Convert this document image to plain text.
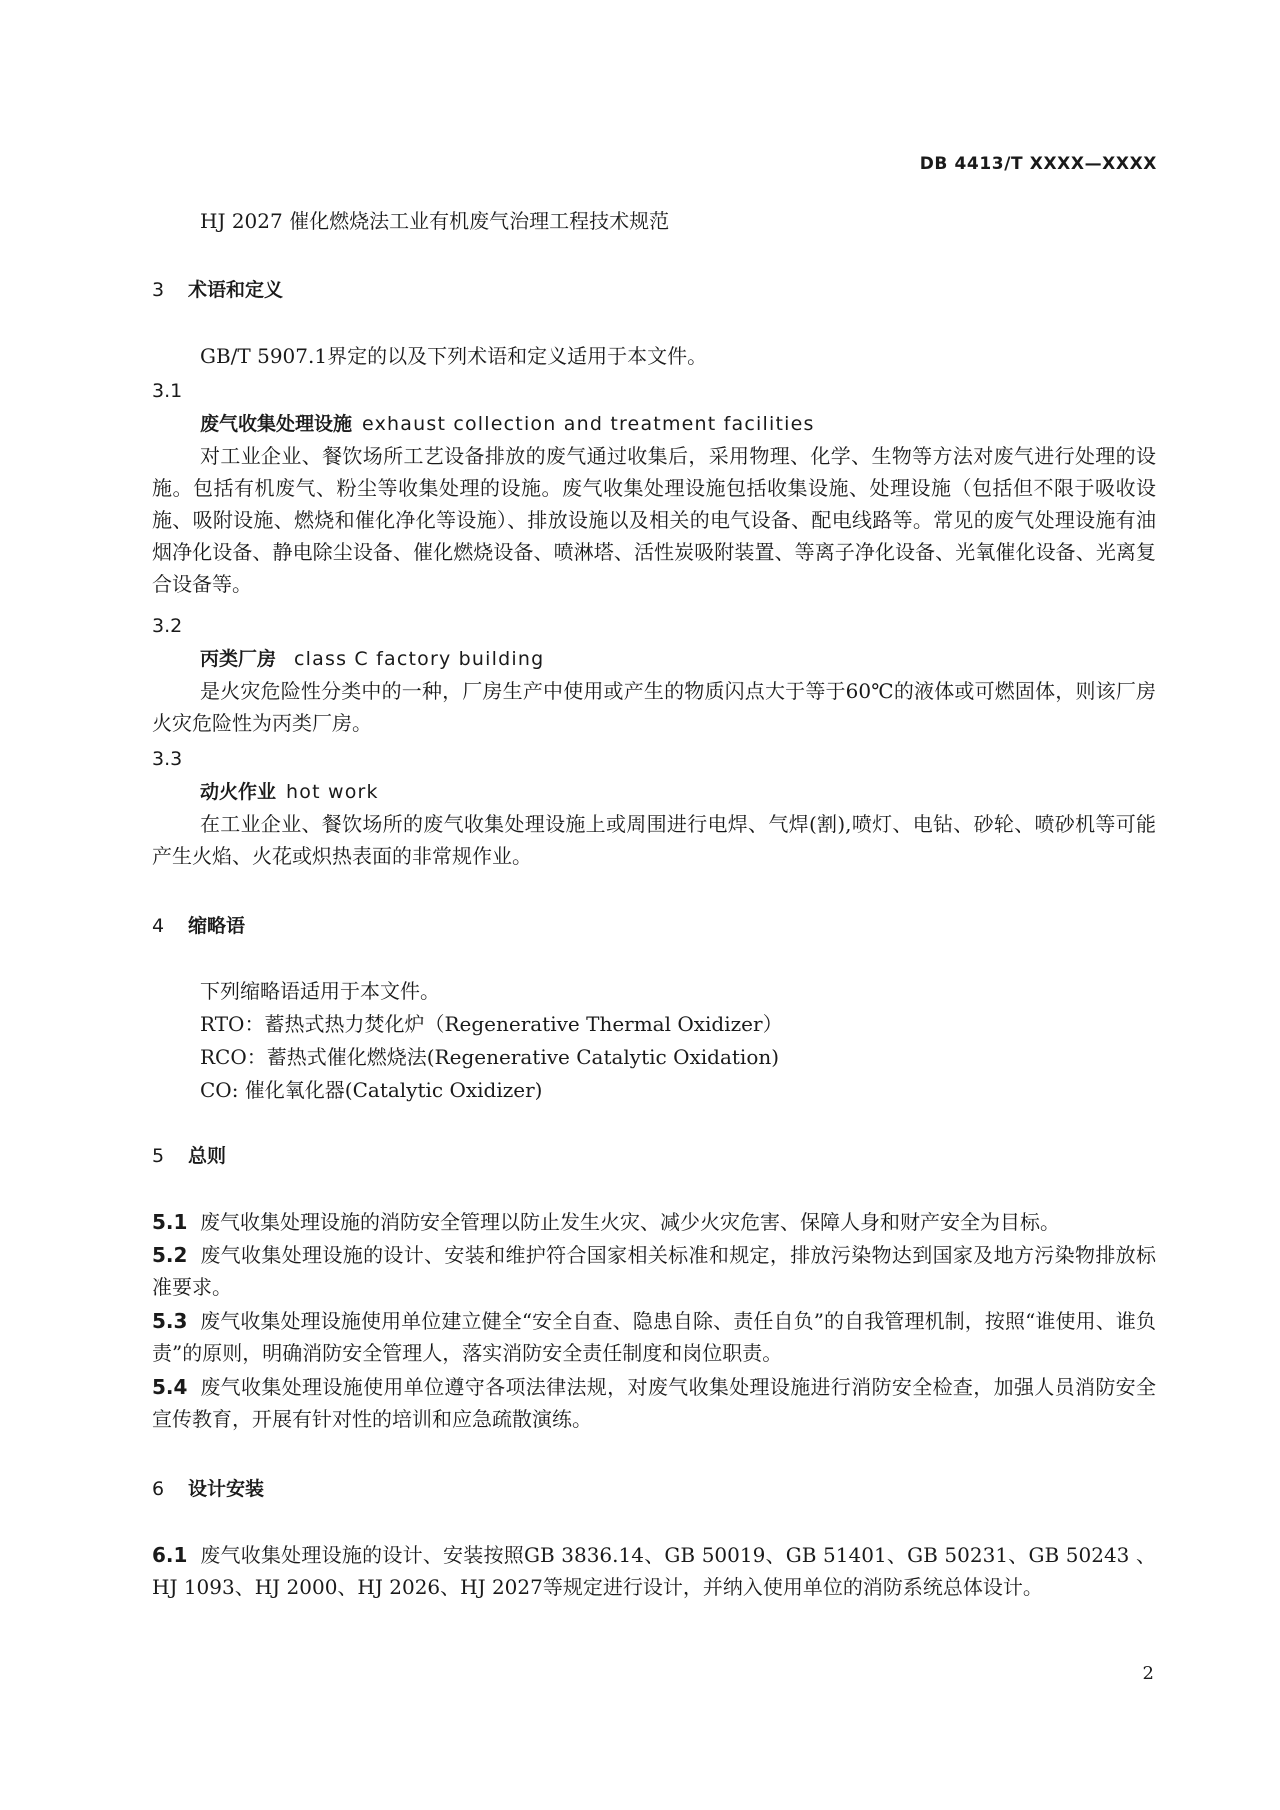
DB 4413/T XXXX—XXXX
HJ 2027 催化燃烧法工业有机废气治理工程技术规范
3 术语和定义
GB/T 5907.1界定的以及下列术语和定义适用于本文件。
3.1
废气收集处理设施 exhaust collection and treatment facilities
对工业企业、餐饮场所工艺设备排放的废气通过收集后，采用物理、化学、生物等方法对废气进行处理的设施。包括有机废气、粉尘等收集处理的设施。废气收集处理设施包括收集设施、处理设施（包括但不限于吸收设施、吸附设施、燃烧和催化净化等设施）、排放设施以及相关的电气设备、配电线路等。常见的废气处理设施有油烟净化设备、静电除尘设备、催化燃烧设备、喷淋塔、活性炭吸附装置、等离子净化设备、光氧催化设备、光离复合设备等。
3.2
丙类厂房 class C factory building
是火灾危险性分类中的一种，厂房生产中使用或产生的物质闪点大于等于60℃的液体或可燃固体，则该厂房火灾危险性为丙类厂房。
3.3
动火作业 hot work
在工业企业、餐饮场所的废气收集处理设施上或周围进行电焊、气焊(割),喷灯、电钻、砂轮、喷砂机等可能产生火焰、火花或炽热表面的非常规作业。
4 缩略语
下列缩略语适用于本文件。
RTO：蓄热式热力焚化炉（Regenerative Thermal Oxidizer）
RCO：蓄热式催化燃烧法(Regenerative Catalytic Oxidation)
CO: 催化氧化器(Catalytic Oxidizer)
5 总则
5.1 废气收集处理设施的消防安全管理以防止发生火灾、减少火灾危害、保障人身和财产安全为目标。
5.2 废气收集处理设施的设计、安装和维护符合国家相关标准和规定，排放污染物达到国家及地方污染物排放标准要求。
5.3 废气收集处理设施使用单位建立健全“安全自查、隐患自除、责任自负”的自我管理机制，按照“谁使用、谁负责”的原则，明确消防安全管理人，落实消防安全责任制度和岗位职责。
5.4 废气收集处理设施使用单位遵守各项法律法规，对废气收集处理设施进行消防安全检查，加强人员消防安全宣传教育，开展有针对性的培训和应急疏散演练。
6 设计安装
6.1 废气收集处理设施的设计、安装按照GB 3836.14、GB 50019、GB 51401、GB 50231、GB 50243 、HJ 1093、HJ 2000、HJ 2026、HJ 2027等规定进行设计，并纳入使用单位的消防系统总体设计。
2
